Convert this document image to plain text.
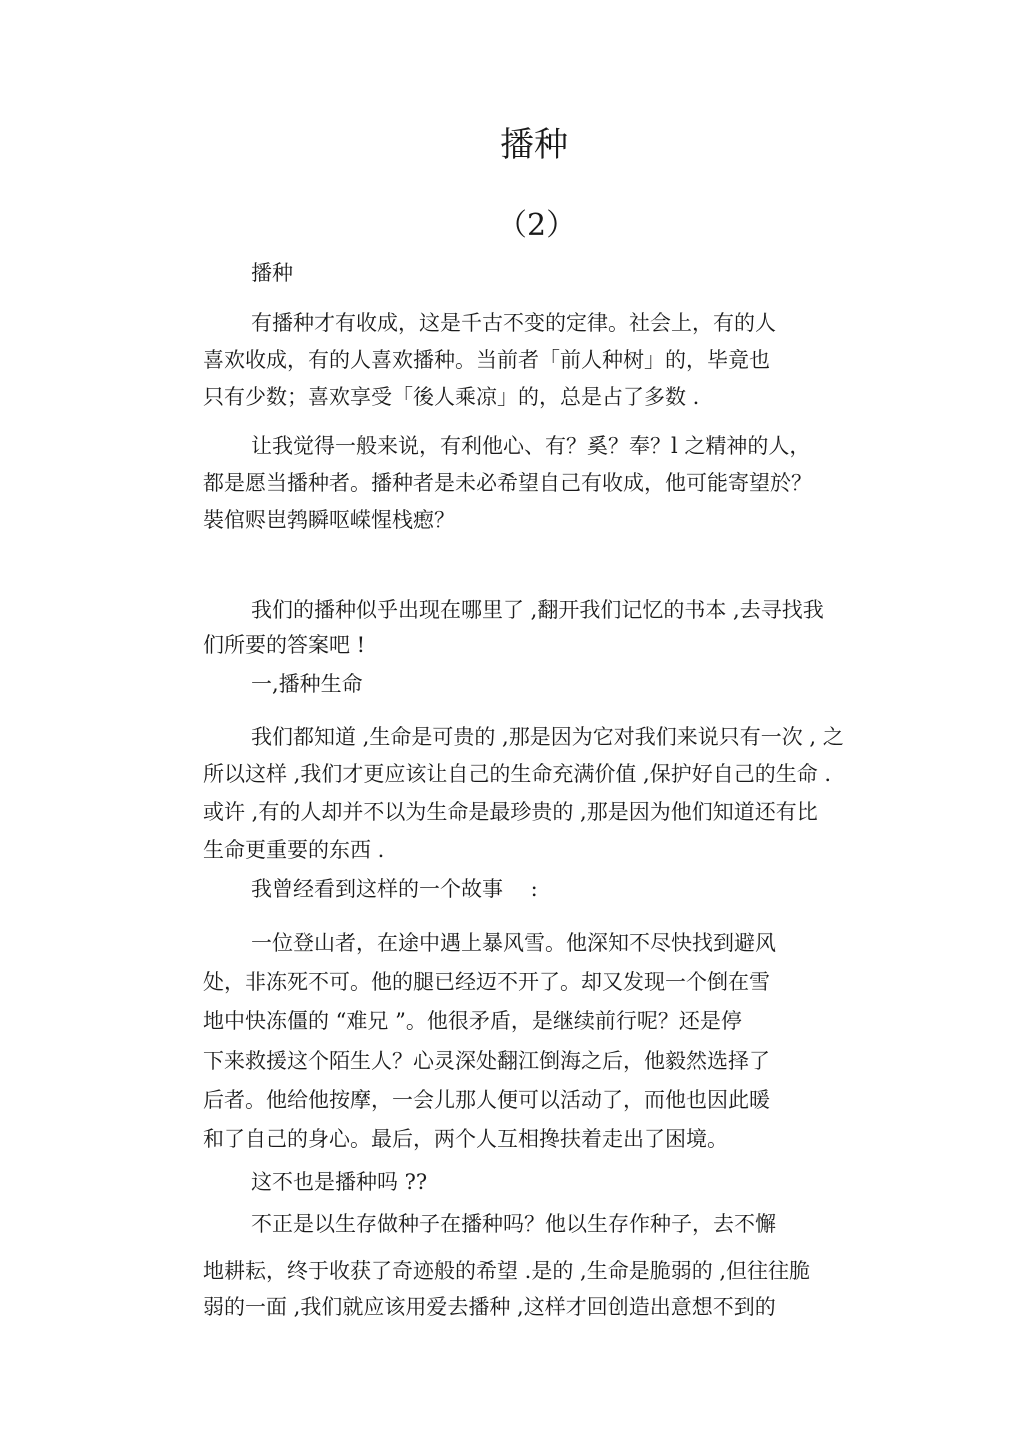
播种
（2）
播种
有播种才有收成，这是千古不变的定律。社会上，有的人
喜欢收成，有的人喜欢播种。当前者「前人种树」的，毕竟也
只有少数；喜欢享受「後人乘凉」的，总是占了多数 .
让我觉得一般来说，有利他心、有？奚？奉？l 之精神的人，
都是愿当播种者。播种者是未必希望自己有收成，他可能寄望於？
裝倌赆岜鹁瞬呕嵘惺栈瘛？
我们的播种似乎出现在哪里了 ,翻开我们记忆的书本 ,去寻找我
们所要的答案吧 !
一,播种生命
我们都知道 ,生命是可贵的 ,那是因为它对我们来说只有一次 , 之
所以这样 ,我们才更应该让自己的生命充满价值 ,保护好自己的生命 .
或许 ,有的人却并不以为生命是最珍贵的 ,那是因为他们知道还有比
生命更重要的东西 .
我曾经看到这样的一个故事 　:
一位登山者，在途中遇上暴风雪。他深知不尽快找到避风
处，非冻死不可。他的腿已经迈不开了。却又发现一个倒在雪
地中快冻僵的 “难兄 ”。他很矛盾，是继续前行呢？还是停
下来救援这个陌生人？心灵深处翻江倒海之后，他毅然选择了
后者。他给他按摩，一会儿那人便可以活动了，而他也因此暖
和了自己的身心。最后，两个人互相搀扶着走出了困境。
这不也是播种吗 ??
不正是以生存做种子在播种吗？他以生存作种子，去不懈
地耕耘，终于收获了奇迹般的希望 .是的 ,生命是脆弱的 ,但往往脆
弱的一面 ,我们就应该用爱去播种 ,这样才回创造出意想不到的
